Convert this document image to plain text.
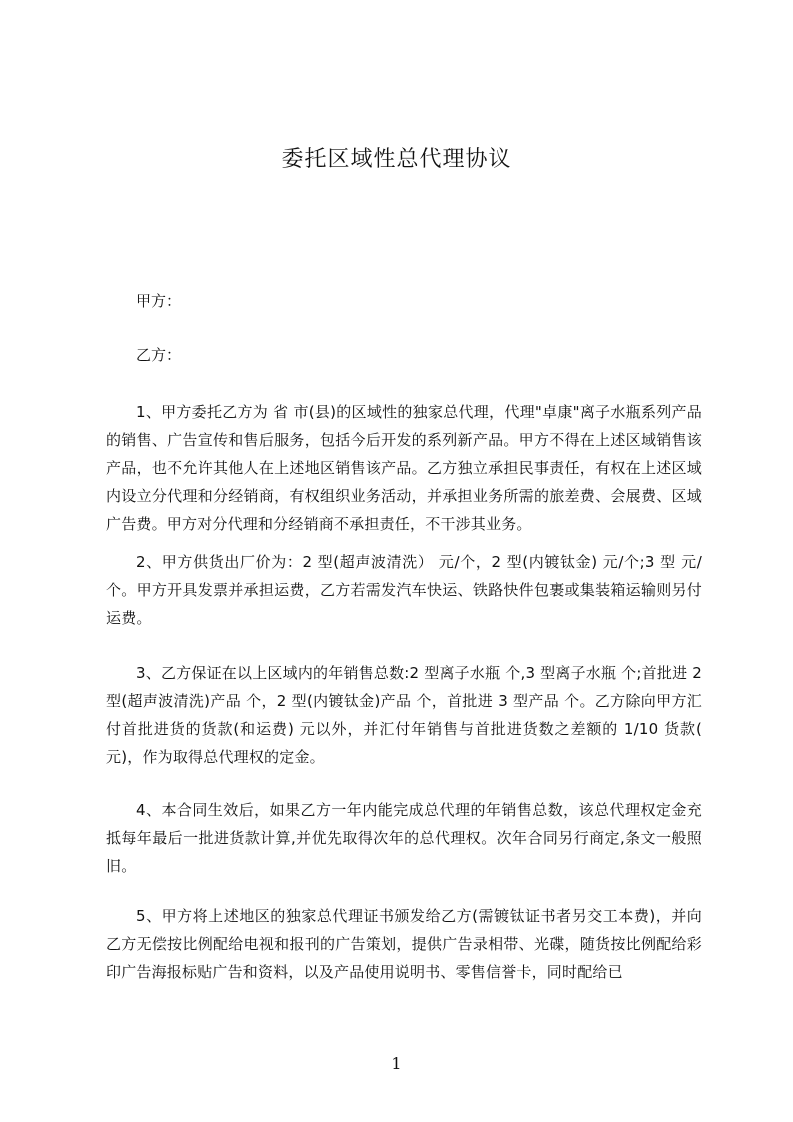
委托区域性总代理协议

甲方：

乙方：

1、甲方委托乙方为 省 市(县)的区域性的独家总代理，代理"卓康"离子水瓶系列产品的销售、广告宣传和售后服务，包括今后开发的系列新产品。甲方不得在上述区域销售该产品，也不允许其他人在上述地区销售该产品。乙方独立承担民事责任，有权在上述区域内设立分代理和分经销商，有权组织业务活动，并承担业务所需的旅差费、会展费、区域广告费。甲方对分代理和分经销商不承担责任，不干涉其业务。

2、甲方供货出厂价为：2 型(超声波清洗） 元/个，2 型(内镀钛金) 元/个;3 型 元/个。甲方开具发票并承担运费，乙方若需发汽车快运、铁路快件包裹或集装箱运输则另付运费。

3、乙方保证在以上区域内的年销售总数:2 型离子水瓶 个,3 型离子水瓶 个;首批进 2 型(超声波清洗)产品 个，2 型(内镀钛金)产品 个，首批进 3 型产品 个。乙方除向甲方汇付首批进货的货款(和运费) 元以外，并汇付年销售与首批进货数之差额的 1/10 货款( 元)，作为取得总代理权的定金。

4、本合同生效后，如果乙方一年内能完成总代理的年销售总数，该总代理权定金充抵每年最后一批进货款计算,并优先取得次年的总代理权。次年合同另行商定,条文一般照旧。

5、甲方将上述地区的独家总代理证书颁发给乙方(需镀钛证书者另交工本费)，并向乙方无偿按比例配给电视和报刊的广告策划，提供广告录相带、光碟，随货按比例配给彩印广告海报标贴广告和资料，以及产品使用说明书、零售信誉卡，同时配给已

1
